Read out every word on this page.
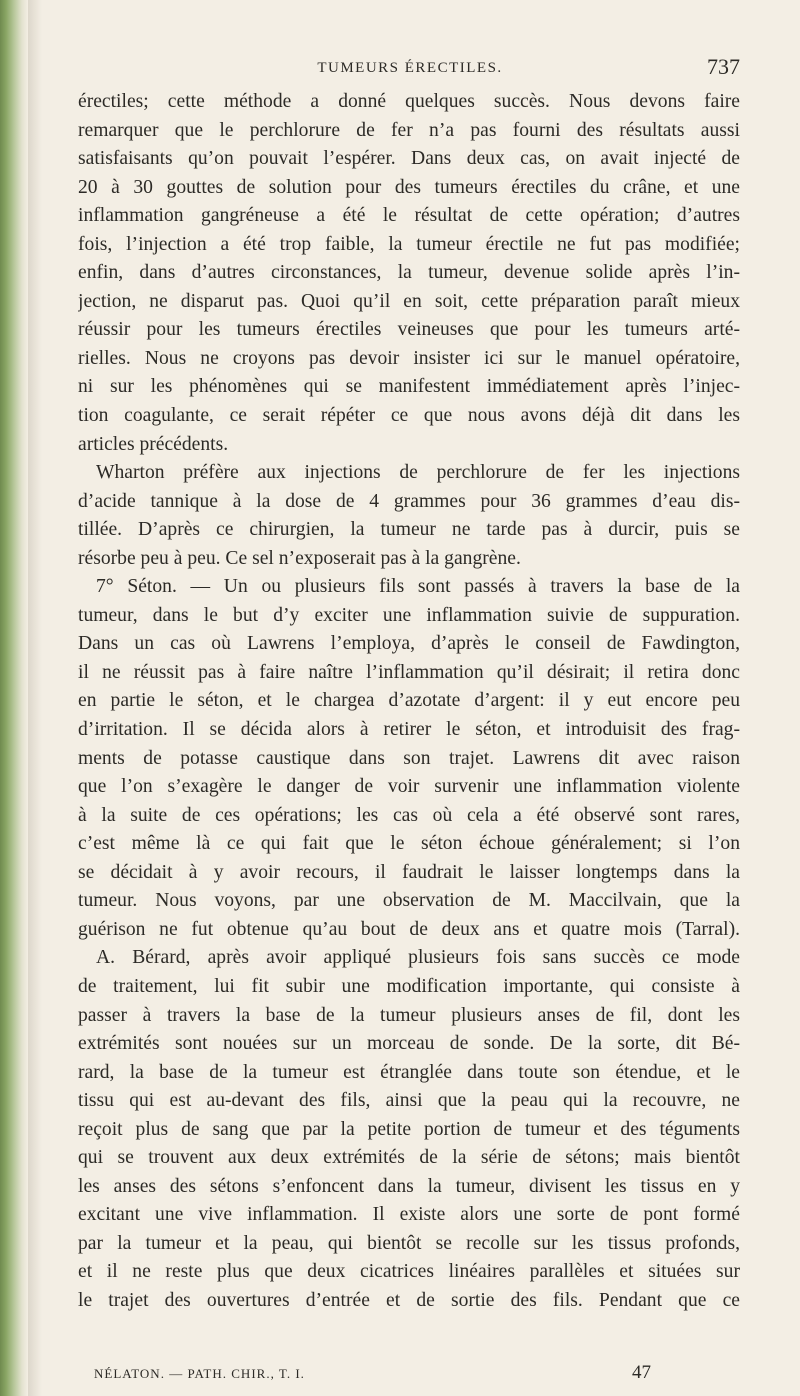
TUMEURS ÉRECTILES.	737
érectiles; cette méthode a donné quelques succès. Nous devons faire
remarquer que le perchlorure de fer n’a pas fourni des résultats aussi
satisfaisants qu’on pouvait l’espérer. Dans deux cas, on avait injecté de
20 à 30 gouttes de solution pour des tumeurs érectiles du crâne, et une
inflammation gangréneuse a été le résultat de cette opération; d’autres
fois, l’injection a été trop faible, la tumeur érectile ne fut pas modifiée;
enfin, dans d’autres circonstances, la tumeur, devenue solide après l’in-
jection, ne disparut pas. Quoi qu’il en soit, cette préparation paraît mieux
réussir pour les tumeurs érectiles veineuses que pour les tumeurs arté-
rielles. Nous ne croyons pas devoir insister ici sur le manuel opératoire,
ni sur les phénomènes qui se manifestent immédiatement après l’injec-
tion coagulante, ce serait répéter ce que nous avons déjà dit dans les
articles précédents.
Wharton préfère aux injections de perchlorure de fer les injections
d’acide tannique à la dose de 4 grammes pour 36 grammes d’eau dis-
tillée. D’après ce chirurgien, la tumeur ne tarde pas à durcir, puis se
résorbe peu à peu. Ce sel n’exposerait pas à la gangrène.
7° Séton. — Un ou plusieurs fils sont passés à travers la base de la
tumeur, dans le but d’y exciter une inflammation suivie de suppuration.
Dans un cas où Lawrens l’employa, d’après le conseil de Fawdington,
il ne réussit pas à faire naître l’inflammation qu’il désirait; il retira donc
en partie le séton, et le chargea d’azotate d’argent: il y eut encore peu
d’irritation. Il se décida alors à retirer le séton, et introduisit des frag-
ments de potasse caustique dans son trajet. Lawrens dit avec raison
que l’on s’exagère le danger de voir survenir une inflammation violente
à la suite de ces opérations; les cas où cela a été observé sont rares,
c’est même là ce qui fait que le séton échoue généralement; si l’on
se décidait à y avoir recours, il faudrait le laisser longtemps dans la
tumeur. Nous voyons, par une observation de M. Maccilvain, que la
guérison ne fut obtenue qu’au bout de deux ans et quatre mois (Tarral).
A. Bérard, après avoir appliqué plusieurs fois sans succès ce mode
de traitement, lui fit subir une modification importante, qui consiste à
passer à travers la base de la tumeur plusieurs anses de fil, dont les
extrémités sont nouées sur un morceau de sonde. De la sorte, dit Bé-
rard, la base de la tumeur est étranglée dans toute son étendue, et le
tissu qui est au-devant des fils, ainsi que la peau qui la recouvre, ne
reçoit plus de sang que par la petite portion de tumeur et des téguments
qui se trouvent aux deux extrémités de la série de sétons; mais bientôt
les anses des sétons s’enfoncent dans la tumeur, divisent les tissus en y
excitant une vive inflammation. Il existe alors une sorte de pont formé
par la tumeur et la peau, qui bientôt se recolle sur les tissus profonds,
et il ne reste plus que deux cicatrices linéaires parallèles et situées sur
le trajet des ouvertures d’entrée et de sortie des fils. Pendant que ce
NÉLATON. — PATH. CHIR., T. I.	47
